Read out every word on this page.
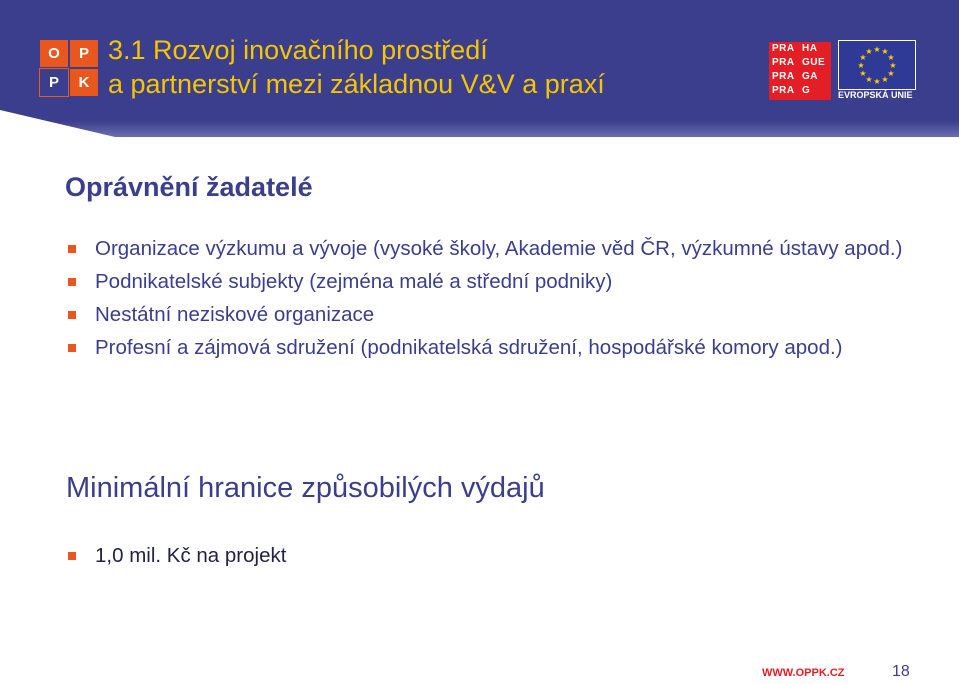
O	P
P	K
3.1 Rozvoj inovačního prostředí
a partnerství mezi základnou V&V a praxí
PRA HA
PRA GUE
PRA GA
PRA G
★ ★
★
★
★
★
★
★
★
★
★
★
EVROPSKÁ UNIE
Oprávnění žadatelé
Organizace výzkumu a vývoje (vysoké školy, Akademie věd ČR, výzkumné ústavy apod.)
Podnikatelské subjekty (zejména malé a střední podniky)
Nestátní neziskové organizace
Profesní a zájmová sdružení (podnikatelská sdružení, hospodářské komory apod.)
Minimální hranice způsobilých výdajů
1,0 mil. Kč na projekt
WWW.OPPK.CZ	18
